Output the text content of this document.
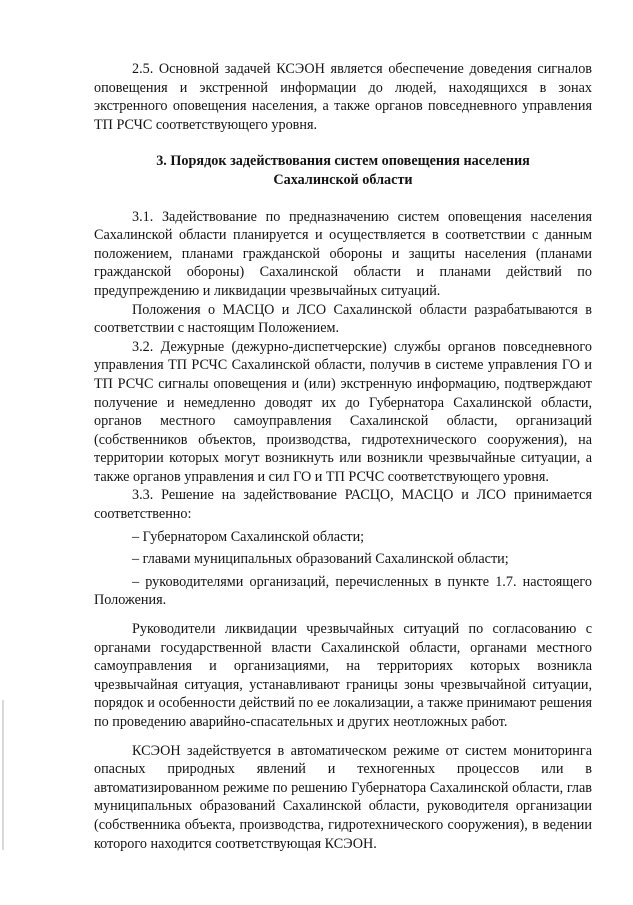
2.5. Основной задачей КСЭОН является обеспечение доведения сигналов оповещения и экстренной информации до людей, находящихся в зонах экстренного оповещения населения, а также органов повседневного управления ТП РСЧС соответствующего уровня.

3. Порядок задействования систем оповещения населения
Сахалинской области

3.1. Задействование по предназначению систем оповещения населения Сахалинской области планируется и осуществляется в соответствии с данным положением, планами гражданской обороны и защиты населения (планами гражданской обороны) Сахалинской области и планами действий по предупреждению и ликвидации чрезвычайных ситуаций.

Положения о МАСЦО и ЛСО Сахалинской области разрабатываются в соответствии с настоящим Положением.

3.2. Дежурные (дежурно-диспетчерские) службы органов повседневного управления ТП РСЧС Сахалинской области, получив в системе управления ГО и ТП РСЧС сигналы оповещения и (или) экстренную информацию, подтверждают получение и немедленно доводят их до Губернатора Сахалинской области, органов местного самоуправления Сахалинской области, организаций (собственников объектов, производства, гидротехнического сооружения), на территории которых могут возникнуть или возникли чрезвычайные ситуации, а также органов управления и сил ГО и ТП РСЧС соответствующего уровня.

3.3. Решение на задействование РАСЦО, МАСЦО и ЛСО принимается соответственно:

– Губернатором Сахалинской области;

– главами муниципальных образований Сахалинской области;

– руководителями организаций, перечисленных в пункте 1.7. настоящего Положения.

Руководители ликвидации чрезвычайных ситуаций по согласованию с органами государственной власти Сахалинской области, органами местного самоуправления и организациями, на территориях которых возникла чрезвычайная ситуация, устанавливают границы зоны чрезвычайной ситуации, порядок и особенности действий по ее локализации, а также принимают решения по проведению аварийно-спасательных и других неотложных работ.

КСЭОН задействуется в автоматическом режиме от систем мониторинга опасных природных явлений и техногенных процессов или в автоматизированном режиме по решению Губернатора Сахалинской области, глав муниципальных образований Сахалинской области, руководителя организации (собственника объекта, производства, гидротехнического сооружения), в ведении которого находится соответствующая КСЭОН.
